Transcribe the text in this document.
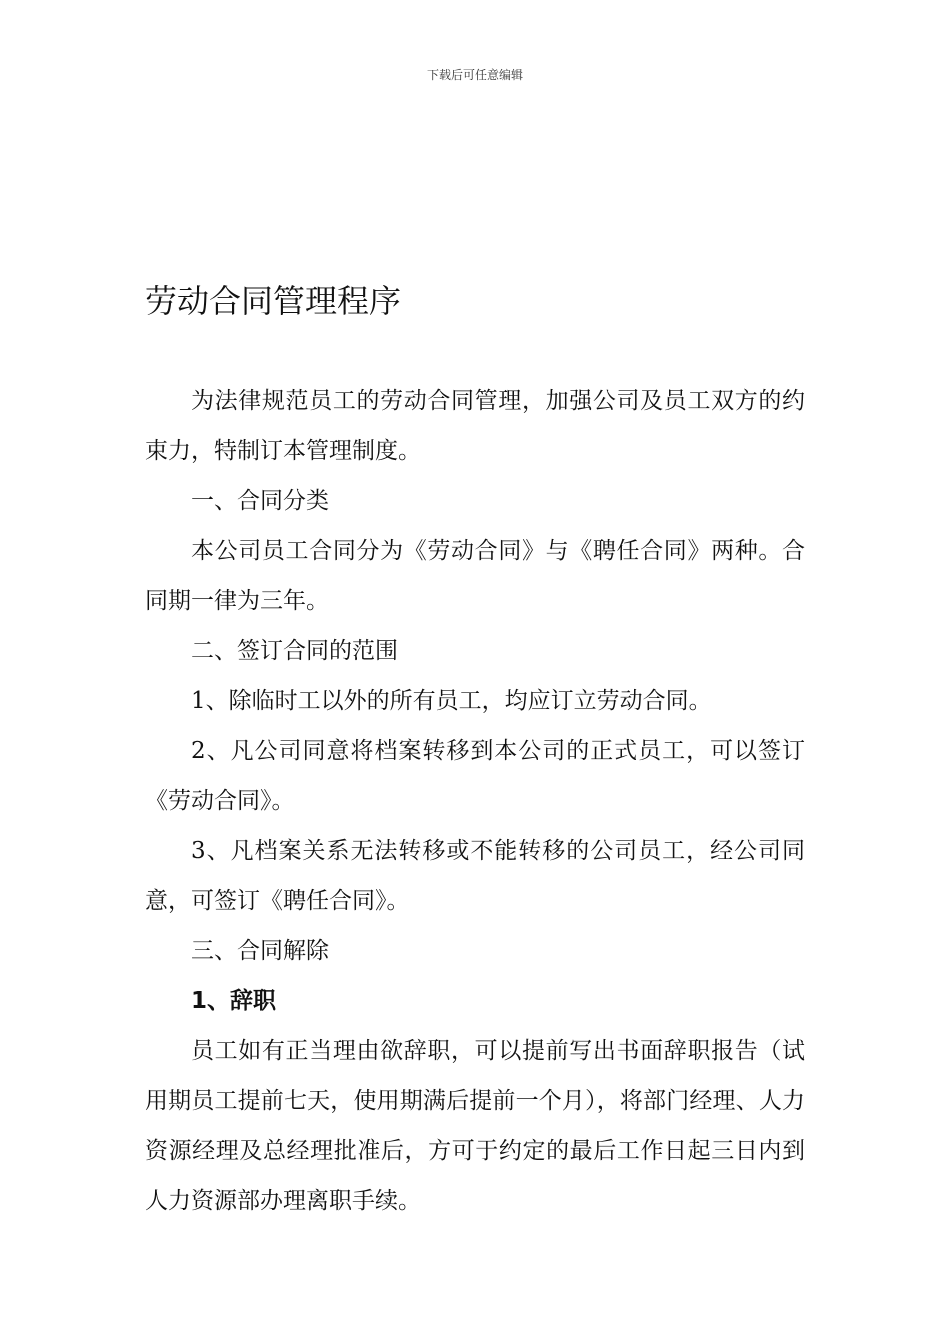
下载后可任意编辑
劳动合同管理程序

为法律规范员工的劳动合同管理，加强公司及员工双方的约束力，特制订本管理制度。

一、合同分类

本公司员工合同分为《劳动合同》与《聘任合同》两种。合同期一律为三年。

二、签订合同的范围

1、除临时工以外的所有员工，均应订立劳动合同。

2、凡公司同意将档案转移到本公司的正式员工，可以签订《劳动合同》。

3、凡档案关系无法转移或不能转移的公司员工，经公司同意，可签订《聘任合同》。

三、合同解除

1、辞职

员工如有正当理由欲辞职，可以提前写出书面辞职报告（试用期员工提前七天，使用期满后提前一个月），将部门经理、人力资源经理及总经理批准后，方可于约定的最后工作日起三日内到人力资源部办理离职手续。
